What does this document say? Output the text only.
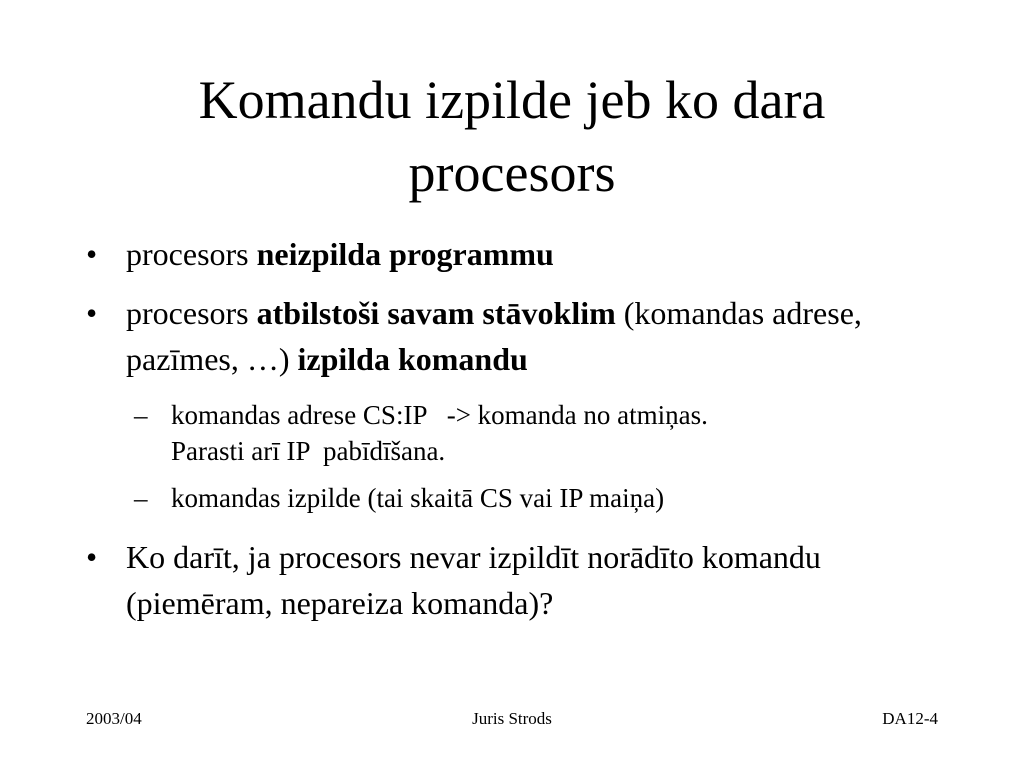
Komandu izpilde jeb ko dara
procesors
• procesors neizpilda programmu
• procesors atbilstoši savam stāvoklim (komandas adrese, pazīmes, …) izpilda komandu
– komandas adrese CS:IP   -> komanda no atmiņas.
Parasti arī IP  pabīdīšana.
– komandas izpilde (tai skaitā CS vai IP maiņa)
• Ko darīt, ja procesors nevar izpildīt norādīto komandu (piemēram, nepareiza komanda)?
2003/04	Juris Strods	DA12-4
